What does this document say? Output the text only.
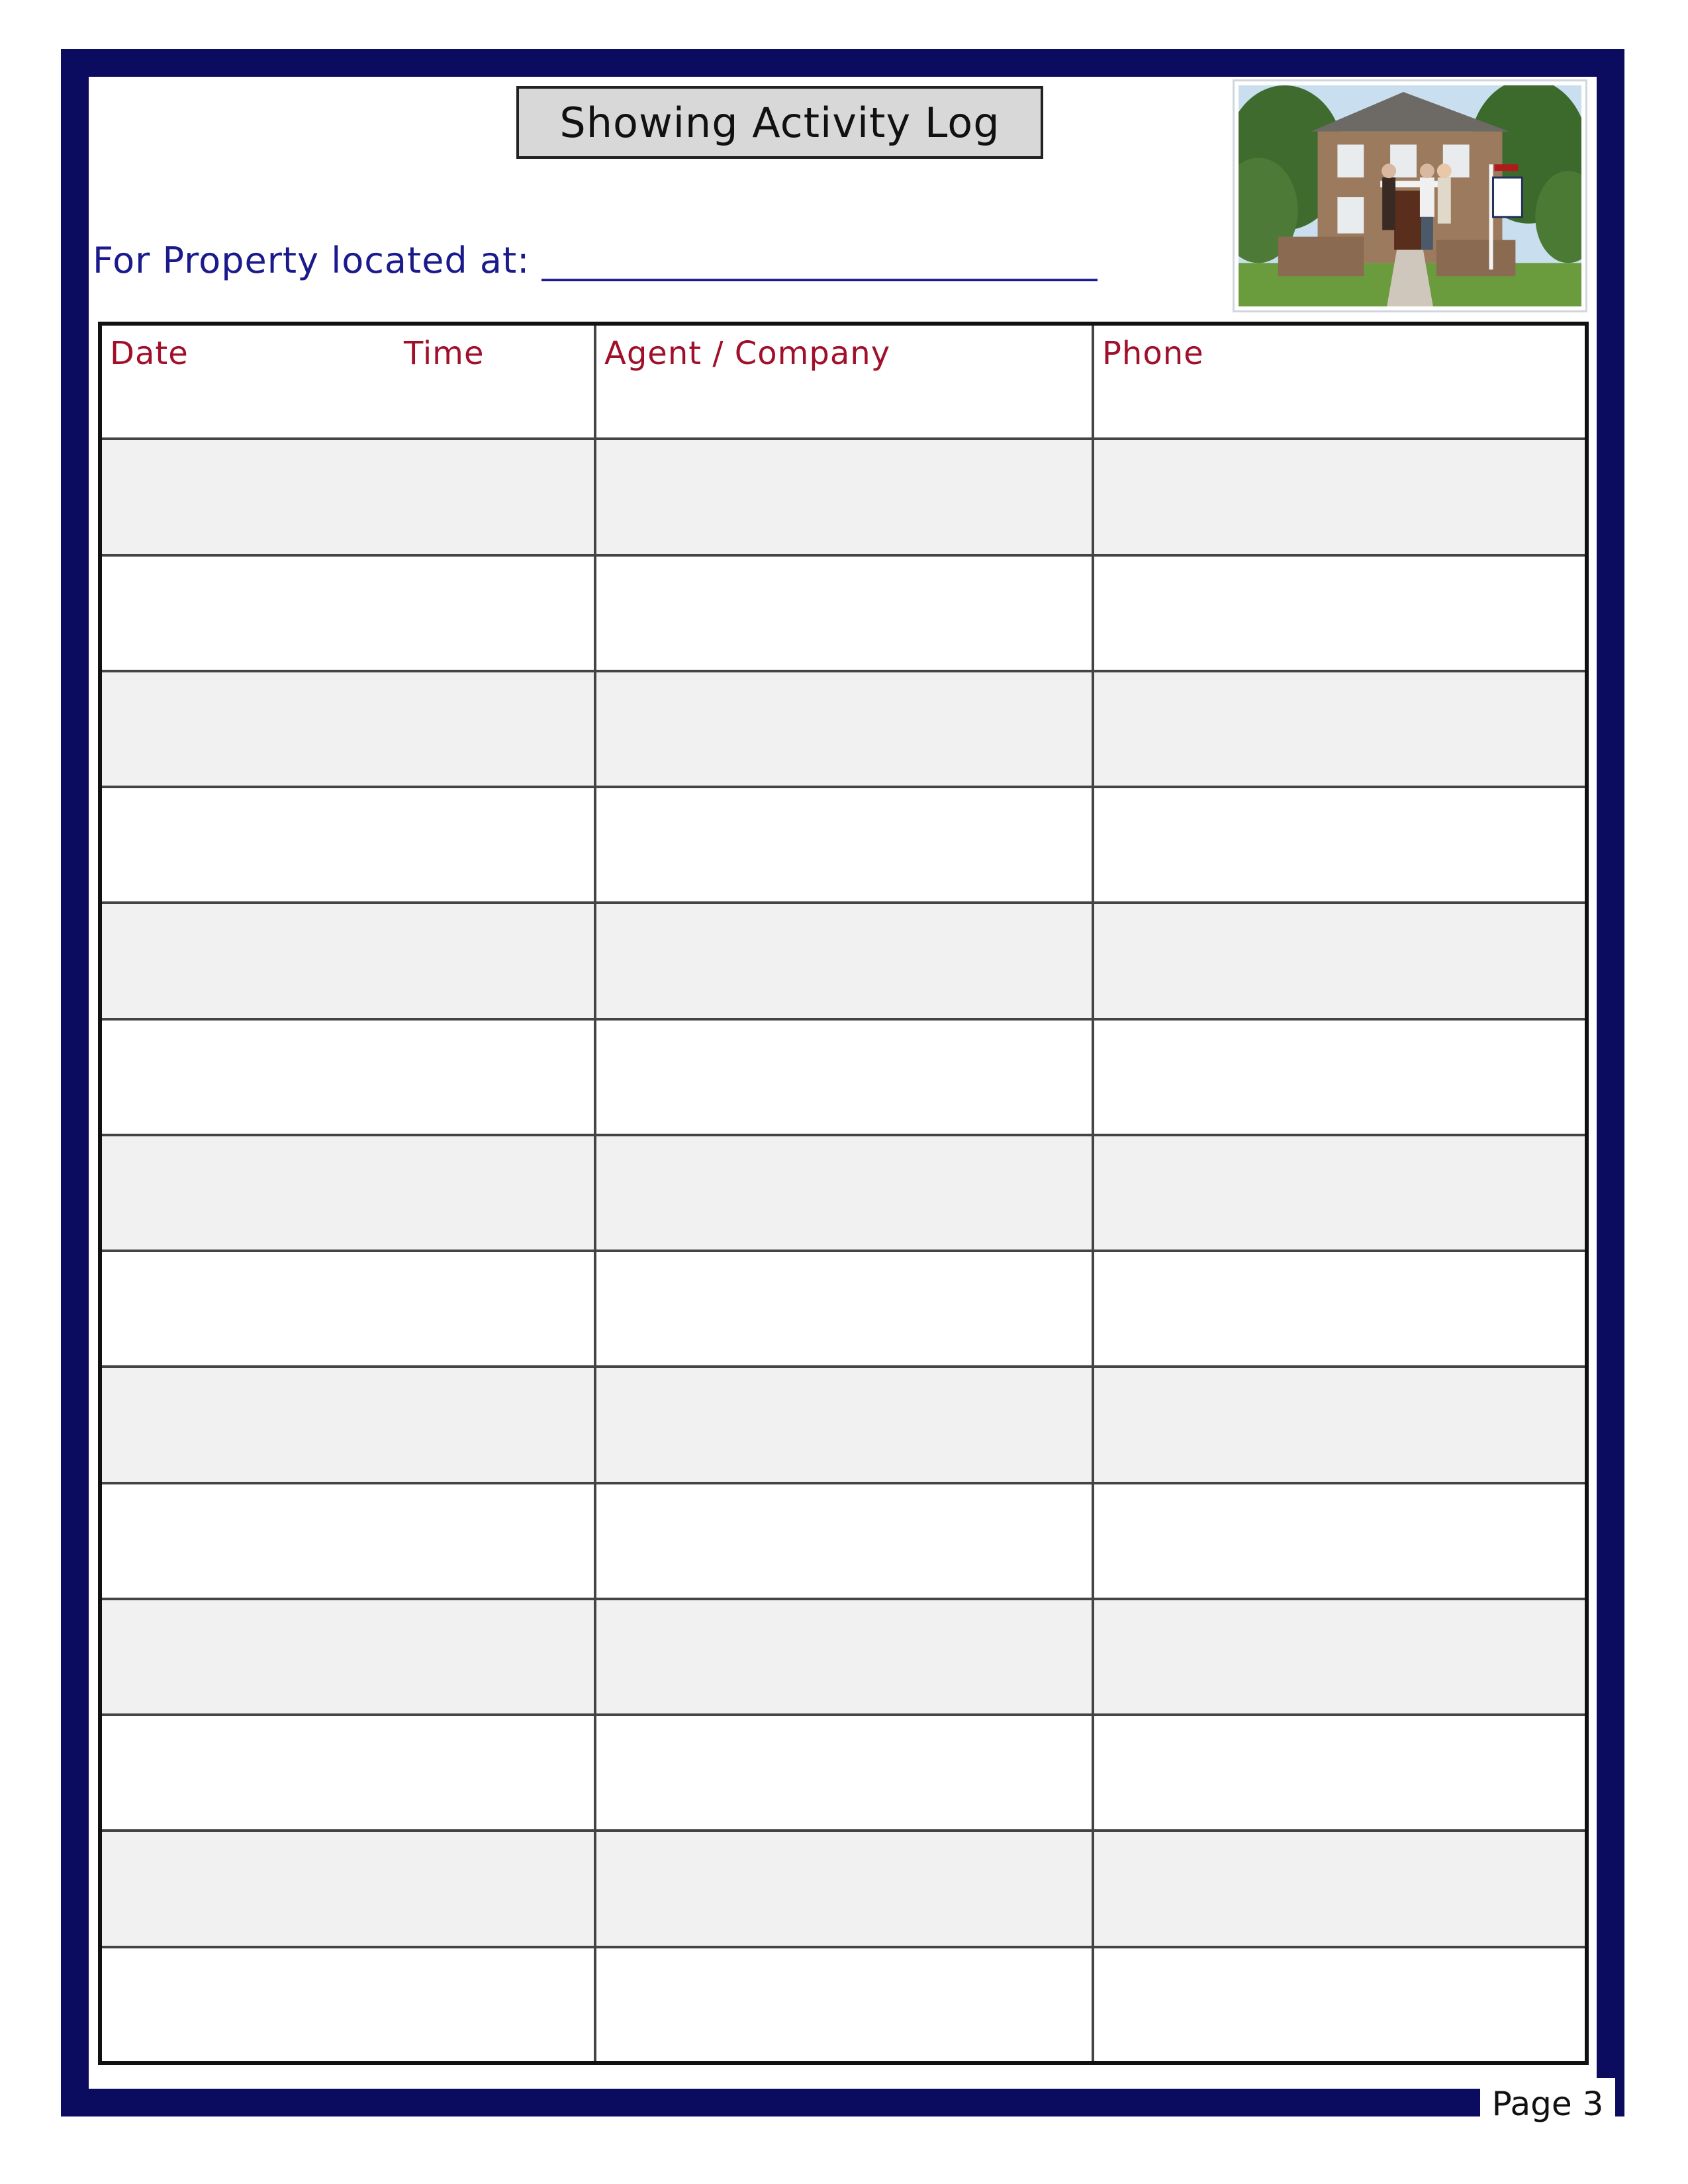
Showing Activity Log
For Property located at: ______________________________
Date Time	Agent / Company	Phone

Page 3
